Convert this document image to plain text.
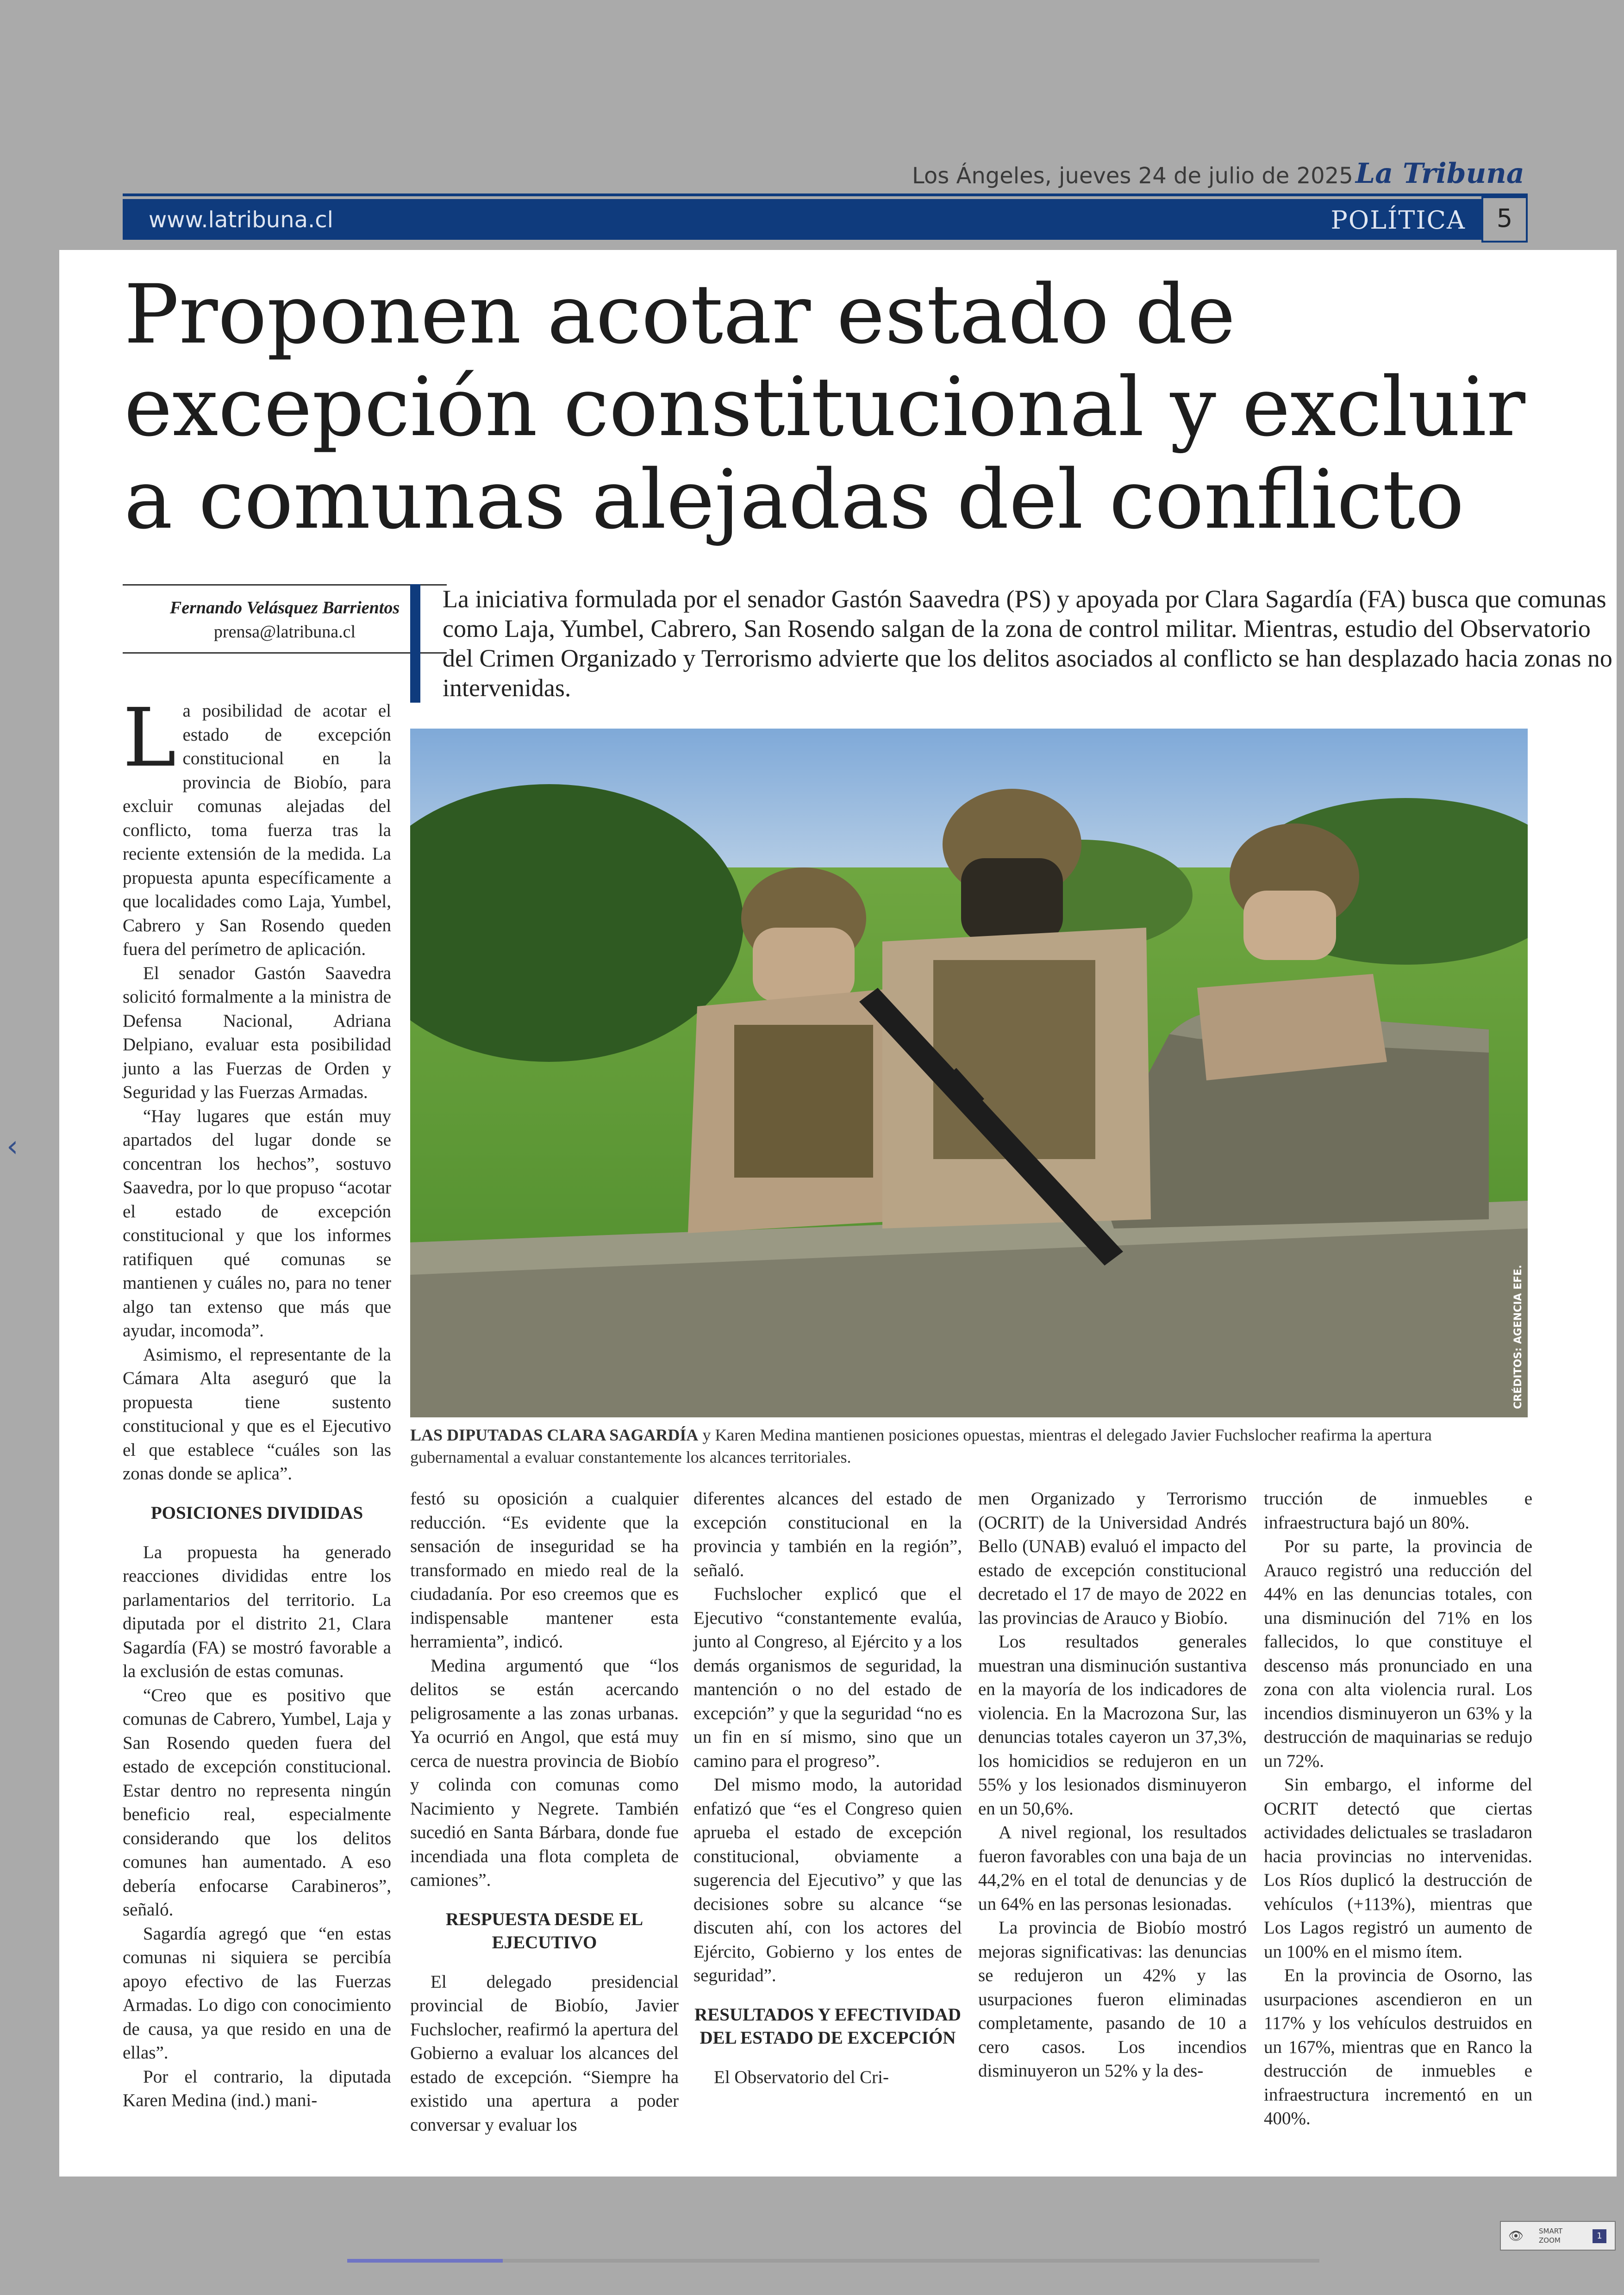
‹
Los Ángeles, jueves 24 de julio de 2025 La Tribuna
www.latribuna.cl	POLÍTICA	5
Proponen acotar estado de excepción constitucional y excluir a comunas alejadas del conflicto
Fernando Velásquez Barrientos
prensa@latribuna.cl
La iniciativa formulada por el senador Gastón Saavedra (PS) y apoyada por Clara Sagardía (FA) busca que comunas como Laja, Yumbel, Cabrero, San Rosendo salgan de la zona de control militar. Mientras, estudio del Observatorio del Crimen Organizado y Terrorismo advierte que los delitos asociados al conflicto se han desplazado hacia zonas no intervenidas.
CRÉDITOS: AGENCIA EFE.
LAS DIPUTADAS CLARA SAGARDÍA y Karen Medina mantienen posiciones opuestas, mientras el delegado Javier Fuchslocher reafirma la apertura gubernamental a evaluar constantemente los alcances territoriales.

La posibilidad de acotar el estado de excepción constitucional en la provincia de Biobío, para excluir comunas alejadas del conflicto, toma fuerza tras la reciente extensión de la medida. La propuesta apunta específicamente a que localidades como Laja, Yumbel, Cabrero y San Rosendo queden fuera del perímetro de aplicación.

El senador Gastón Saavedra solicitó formalmente a la ministra de Defensa Nacional, Adriana Delpiano, evaluar esta posibilidad junto a las Fuerzas de Orden y Seguridad y las Fuerzas Armadas.

“Hay lugares que están muy apartados del lugar donde se concentran los hechos”, sostuvo Saavedra, por lo que propuso “acotar el estado de excepción constitucional y que los informes ratifiquen qué comunas se mantienen y cuáles no, para no tener algo tan extenso que más que ayudar, incomoda”.

Asimismo, el representante de la Cámara Alta aseguró que la propuesta tiene sustento constitucional y que es el Ejecutivo el que establece “cuáles son las zonas donde se aplica”.

POSICIONES DIVIDIDAS

La propuesta ha generado reacciones divididas entre los parlamentarios del territorio. La diputada por el distrito 21, Clara Sagardía (FA) se mostró favorable a la exclusión de estas comunas.

“Creo que es positivo que comunas de Cabrero, Yumbel, Laja y San Rosendo queden fuera del estado de excepción constitucional. Estar dentro no representa ningún beneficio real, especialmente considerando que los delitos comunes han aumentado. A eso debería enfocarse Carabineros”, señaló.

Sagardía agregó que “en estas comunas ni siquiera se percibía apoyo efectivo de las Fuerzas Armadas. Lo digo con conocimiento de causa, ya que resido en una de ellas”.

Por el contrario, la diputada Karen Medina (ind.) mani-

festó su oposición a cualquier reducción. “Es evidente que la sensación de inseguridad se ha transformado en miedo real de la ciudadanía. Por eso creemos que es indispensable mantener esta herramienta”, indicó.

Medina argumentó que “los delitos se están acercando peligrosamente a las zonas urbanas. Ya ocurrió en Angol, que está muy cerca de nuestra provincia de Biobío y colinda con comunas como Nacimiento y Negrete. También sucedió en Santa Bárbara, donde fue incendiada una flota completa de camiones”.

RESPUESTA DESDE EL EJECUTIVO

El delegado presidencial provincial de Biobío, Javier Fuchslocher, reafirmó la apertura del Gobierno a evaluar los alcances del estado de excepción. “Siempre ha existido una apertura a poder conversar y evaluar los

diferentes alcances del estado de excepción constitucional en la provincia y también en la región”, señaló.

Fuchslocher explicó que el Ejecutivo “constantemente evalúa, junto al Congreso, al Ejército y a los demás organismos de seguridad, la mantención o no del estado de excepción” y que la seguridad “no es un fin en sí mismo, sino que un camino para el progreso”.

Del mismo modo, la autoridad enfatizó que “es el Congreso quien aprueba el estado de excepción constitucional, obviamente a sugerencia del Ejecutivo” y que las decisiones sobre su alcance “se discuten ahí, con los actores del Ejército, Gobierno y los entes de seguridad”.

RESULTADOS Y EFECTIVIDAD DEL ESTADO DE EXCEPCIÓN

El Observatorio del Cri-

men Organizado y Terrorismo (OCRIT) de la Universidad Andrés Bello (UNAB) evaluó el impacto del estado de excepción constitucional decretado el 17 de mayo de 2022 en las provincias de Arauco y Biobío.

Los resultados generales muestran una disminución sustantiva en la mayoría de los indicadores de violencia. En la Macrozona Sur, las denuncias totales cayeron un 37,3%, los homicidios se redujeron en un 55% y los lesionados disminuyeron en un 50,6%.

A nivel regional, los resultados fueron favorables con una baja de un 44,2% en el total de denuncias y de un 64% en las personas lesionadas.

La provincia de Biobío mostró mejoras significativas: las denuncias se redujeron un 42% y las usurpaciones fueron eliminadas completamente, pasando de 10 a cero casos. Los incendios disminuyeron un 52% y la des-

trucción de inmuebles e infraestructura bajó un 80%.

Por su parte, la provincia de Arauco registró una reducción del 44% en las denuncias totales, con una disminución del 71% en los fallecidos, lo que constituye el descenso más pronunciado en una zona con alta violencia rural. Los incendios disminuyeron un 63% y la destrucción de maquinarias se redujo un 72%.

Sin embargo, el informe del OCRIT detectó que ciertas actividades delictuales se trasladaron hacia provincias no intervenidas. Los Ríos duplicó la destrucción de vehículos (+113%), mientras que Los Lagos registró un aumento de un 100% en el mismo ítem.

En la provincia de Osorno, las usurpaciones ascendieron en un 117% y los vehículos destruidos en un 167%, mientras que en Ranco la destrucción de inmuebles e infraestructura incrementó en un 400%.

👁 SMART ZOOM	1
